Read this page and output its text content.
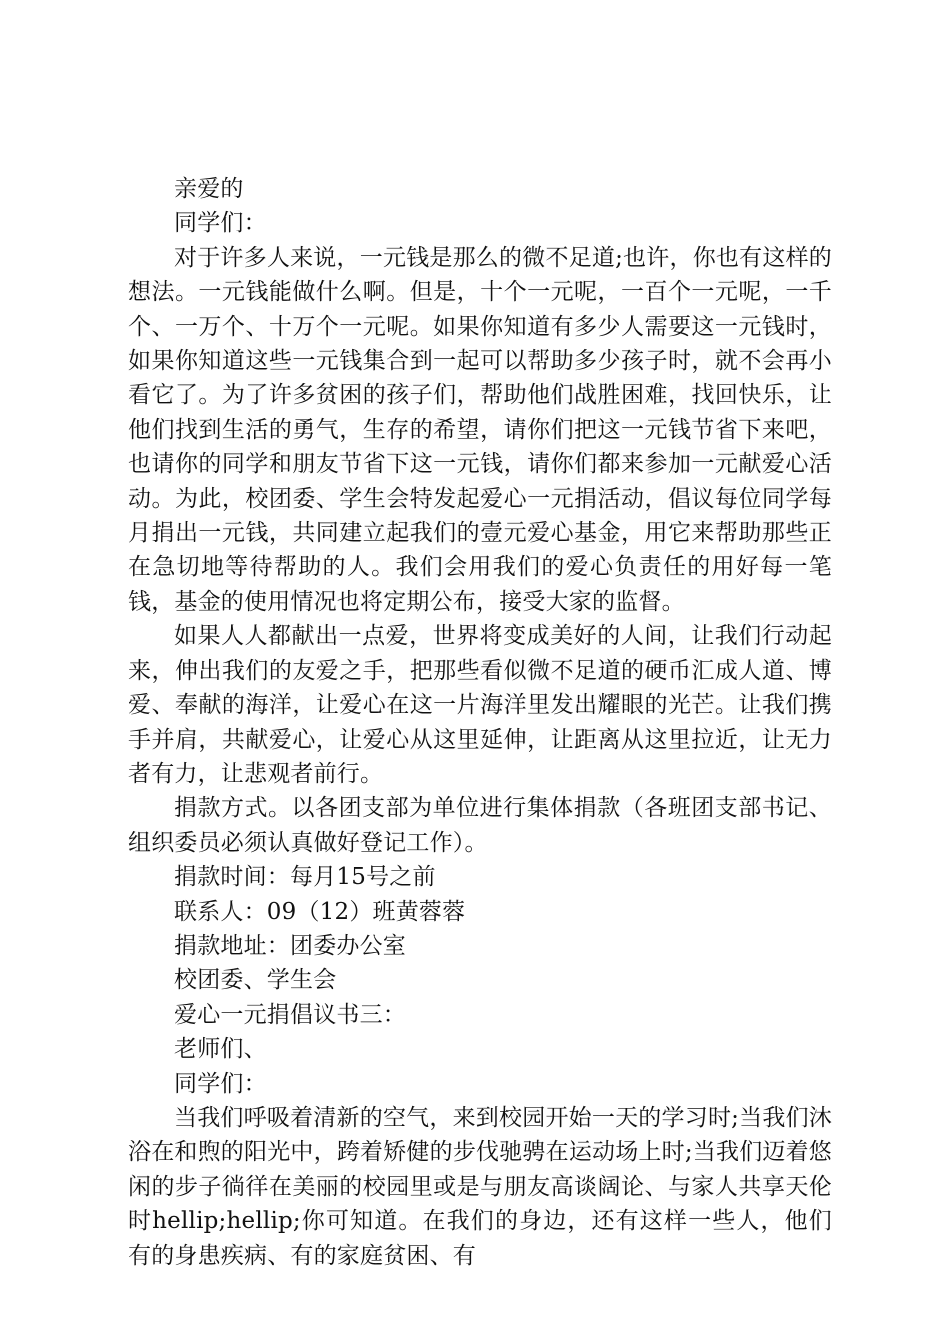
亲爱的

同学们：

对于许多人来说，一元钱是那么的微不足道;也许，你也有这样的想法。一元钱能做什么啊。但是，十个一元呢，一百个一元呢，一千个、一万个、十万个一元呢。如果你知道有多少人需要这一元钱时，如果你知道这些一元钱集合到一起可以帮助多少孩子时，就不会再小看它了。为了许多贫困的孩子们，帮助他们战胜困难，找回快乐，让他们找到生活的勇气，生存的希望，请你们把这一元钱节省下来吧，也请你的同学和朋友节省下这一元钱，请你们都来参加一元献爱心活动。为此，校团委、学生会特发起爱心一元捐活动，倡议每位同学每月捐出一元钱，共同建立起我们的壹元爱心基金，用它来帮助那些正在急切地等待帮助的人。我们会用我们的爱心负责任的用好每一笔钱，基金的使用情况也将定期公布，接受大家的监督。

如果人人都献出一点爱，世界将变成美好的人间，让我们行动起来，伸出我们的友爱之手，把那些看似微不足道的硬币汇成人道、博爱、奉献的海洋，让爱心在这一片海洋里发出耀眼的光芒。让我们携手并肩，共献爱心，让爱心从这里延伸，让距离从这里拉近，让无力者有力，让悲观者前行。

捐款方式。以各团支部为单位进行集体捐款（各班团支部书记、组织委员必须认真做好登记工作）。

捐款时间：每月15号之前

联系人：09（12）班黄蓉蓉

捐款地址：团委办公室

校团委、学生会

爱心一元捐倡议书三：

老师们、

同学们：

当我们呼吸着清新的空气，来到校园开始一天的学习时;当我们沐浴在和煦的阳光中，跨着矫健的步伐驰骋在运动场上时;当我们迈着悠闲的步子徜徉在美丽的校园里或是与朋友高谈阔论、与家人共享天伦时hellip;hellip;你可知道。在我们的身边，还有这样一些人，他们有的身患疾病、有的家庭贫困、有
